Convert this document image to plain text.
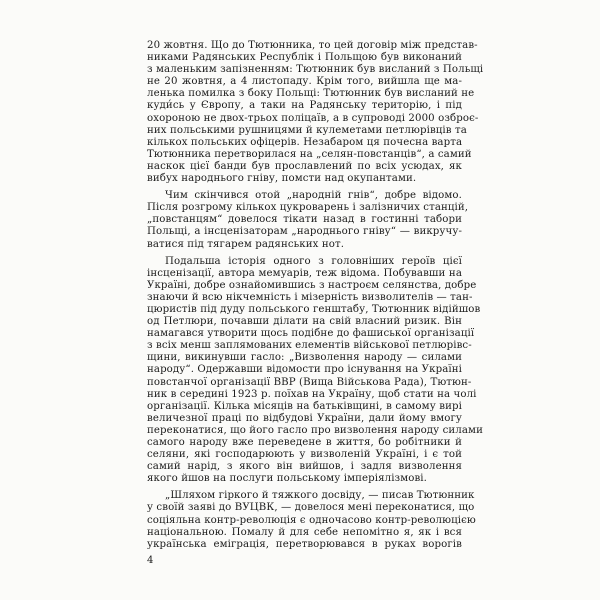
20 жовтня. Що до Тютюнника, то цей договір між представ-
никами Радянських Республік і Польщою був виконаний
з маленьким запізненням: Тютюнник був висланий з Польщі
не 20 жовтня, а 4 листопаду. Крім того, вийшла ще ма-
ленька помилка з боку Польщі: Тютюнник був висланий не
куди́сь у Європу, а таки на Радянську територію, і під
охороною не двох-трьох поліцаїв, а в супроводі 2000 озброє-
них польськими рушницями й кулеметами петлюрівців та
кількох польських офіцерів. Незабаром ця почесна варта
Тютюнника перетворилася на „селян-повстанців“, а самий
наскок цієї банди був прославлений по всіх усюдах, як
вибух народнього гніву, помсти над окупантами.
Чим скінчився отой „народній гнів“, добре відомо.
Після розгрому кількох цукроварень і залізничих станцій,
„повстанцям“ довелося тікати назад в гостинні табори
Польщі, а інсценізаторам „народнього гніву“ — викручу-
ватися під тягарем радянських нот.
Подальша історія одного з головніших героїв цієї
інсценізації, автора мемуарів, теж відома. Побувавши на
Україні, добре ознайомившись з настроєм селянства, добре
знаючи й всю нікчемність і мізерність визволителів — тан-
цюристів під дуду польського генштабу, Тютюнник відійшов
од Петлюри, почавши ділати на свій власний ризик. Він
намагався утворити щось подібне до фашиської організації
з всіх менш заплямованих елементів військової петлюрівс-
щини, викинувши гасло: „Визволення народу — силами
народу“. Одержавши відомости про існування на Україні
повстанчої організації ВВР (Вища Військова Рада), Тютюн-
ник в середині 1923 р. поїхав на Україну, щоб стати на чолі
організації. Кілька місяців на батьківщині, в самому вирі
величезної праці по відбудові України, дали йому вмогу
переконатися, що його гасло про визволення народу силами
самого народу вже переведене в життя, бо робітники й
селяни, які господарюють у визволеній Україні, і є той
самий нарід, з якого він вийшов, і задля визволення
якого йшов на послуги польському імперіялізмові.
„Шляхом гіркого й тяжкого досвіду, — писав Тютюнник
у своїй заяві до ВУЦВК, — довелося мені переконатися, що
соціяльна контр-революція є одночасово контр-революцією
національною. Помалу й для себе непомітно я, як і вся
українська еміграція, перетворювався в руках ворогів
4
